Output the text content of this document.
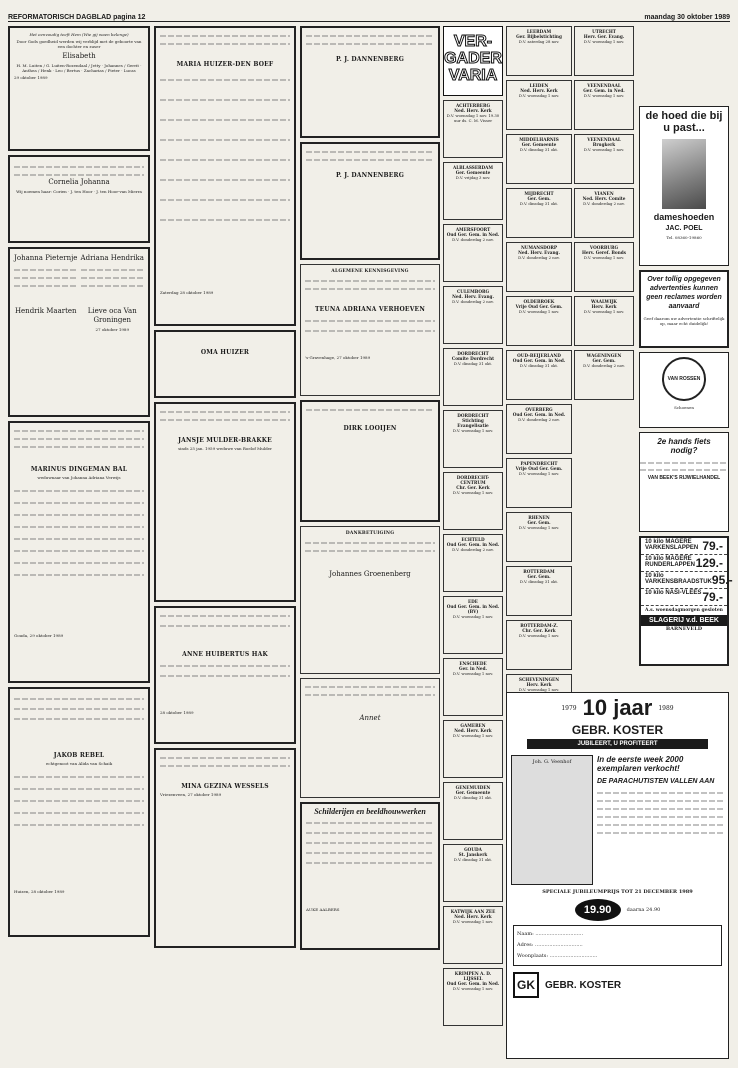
REFORMATORISCH DAGBLAD pagina 12	maandag 30 oktober 1989

Het eenvoudig teeft Hem (Wie gij waen belenge)

Door Gods goedheid werden wij verblijd met de geboorte van een dochter en zuser

Elisabeth

H. M. Luiten / G. Luiten-Rozendaal / Jetty · Johannes / Gerrit · Anthea / Henk · Leo / Bertus · Zacharias / Pieter · Lucas

29 oktober 1989

Cornelia Johanna

Wij noemen haar: Corien · J. ten Hoor · J. ten Hoor-van Mierra

Johanna Pieternje
Hendrik Maarten
Adriana Hendrika
Lieve oca Van Groningen

27 oktober 1989

MARINUS DINGEMAN BAL

weduwnaar van Johanna Adriana Verwijs

Gouda, 29 oktober 1989

JAKOB REBEL

echtgenoot van Alida van Schaik

Huizen, 28 oktober 1989

MARIA HUIZER-DEN BOEF

Zaterdag 28 oktober 1989

OMA HUIZER
JANSJE MULDER-BRAKKE

sinds 25 jan. 1959 weduwe van Roelof Mulder

ANNE HUIBERTUS HAK

28 oktober 1989

MINA GEZINA WESSELS

Vriezenveen, 27 oktober 1989

P. J. DANNENBERG
P. J. DANNENBERG
ALGEMENE KENNISGEVING
TEUNA ADRIANA VERHOEVEN

's-Gravenhage, 27 oktober 1989

DIRK LOOIJEN
DANKBETUIGING
Johannes Groenenberg
Annet
Schilderijen en beeldhouwwerken

AUKE AALBERS

VER- GADER VARIA
ACHTERBERG
Ned. Herv. Kerk
D.V. woensdag 1 nov. 19.30 uur ds. C. M. Visser
ALBLASSERDAM
Ger. Gemeente
D.V. vrijdag 3 nov.
AMERSFOORT
Oud Ger. Gem. in Ned.
D.V. donderdag 2 nov.
CULEMBORG
Ned. Herv. Evang.
D.V. donderdag 2 nov.
DORDRECHT
Comite Dordrecht
D.V. dinsdag 31 okt.
DORDRECHT
Stichting Evangelisatie
D.V. woensdag 1 nov.
DORDRECHT-CENTRUM
Chr. Ger. Kerk
D.V. woensdag 1 nov.
ECHTELD
Oud Ger. Gem. in Ned.
D.V. donderdag 2 nov.
EDE
Oud Ger. Gem. in Ned. (BV)
D.V. woensdag 1 nov.
ENSCHEDE
Ger. in Ned.
D.V. woensdag 1 nov.
GAMEREN
Ned. Herv. Kerk
D.V. woensdag 1 nov.
GENEMUIDEN
Ger. Gemeente
D.V. dinsdag 31 okt.
GOUDA
St. Janskerk
D.V. dinsdag 31 okt.
KATWIJK AAN ZEE
Ned. Herv. Kerk
D.V. woensdag 1 nov.
KRIMPEN A. D. LIJSSEL
Oud Ger. Gem. in Ned.
D.V. woensdag 1 nov.
LEERDAM
Ger. Bijbelstichting
D.V. zaterdag 28 nov.
LEIDEN
Ned. Herv. Kerk
D.V. woensdag 1 nov.
MIDDELHARNIS
Ger. Gemeente
D.V. dinsdag 31 okt.
MIJDRECHT
Ger. Gem.
D.V. dinsdag 31 okt.
NUMANSDORP
Ned. Herv. Evang.
D.V. donderdag 2 nov.
OLDEBROEK
Vrije Oud Ger. Gem.
D.V. woensdag 1 nov.
OUD-BEIJERLAND
Oud Ger. Gem. in Ned.
D.V. dinsdag 31 okt.
OVERBERG
Oud Ger. Gem. in Ned.
D.V. donderdag 2 nov.
PAPENDRECHT
Vrije Oud Ger. Gem.
D.V. woensdag 1 nov.
RHENEN
Ger. Gem.
D.V. woensdag 1 nov.
ROTTERDAM
Ger. Gem.
D.V. dinsdag 31 okt.
ROTTERDAM-Z.
Chr. Ger. Kerk
D.V. woensdag 1 nov.
SCHEVENINGEN
Herv. Kerk
D.V. woensdag 1 nov.
UTRECHT
Herv. Ger. Evang.
D.V. woensdag 1 nov.
VEENENDAAL
Ger. Gem. in Ned.
D.V. woensdag 1 nov.
VEENENDAAL
Brugkerk
D.V. woensdag 1 nov.
VIANEN
Ned. Herv. Comite
D.V. donderdag 2 nov.
VOORBURG
Herv. Geref. Bonds
D.V. woensdag 1 nov.
WAALWIJK
Herv. Kerk
D.V. woensdag 1 nov.
WAGENINGEN
Ger. Gem.
D.V. donderdag 2 nov.
de hoed die bij u past...
dameshoeden
JAC. POEL
Tel. 08360-19860
Over tollig opgegeven advertenties kunnen geen reclames worden aanvaard
Geef daarom uw advertentie schriftelijk op, maar echt duidelijk!
VAN ROSSEN
Schoenen
2e hands fiets nodig?
VAN BEEK'S RIJWIELHANDEL
10 kilo MAGERE VARKENSLAPPEN 79.-
10 kilo MAGERE RUNDERLAPPEN 129.-
10 kilo VARKENSBRAADSTUK 95.-
10 kilo NASI-VLEES 79.-
A.s. woensdagmorgen gesloten
SLAGERIJ v.d. BEEK
BARNEVELD
1979 10 jaar 1989
GEBR. KOSTER
JUBILEERT, U PROFITEERT
Joh. G. Veenhof	In de eerste week 2000 exemplaren verkocht!
DE PARACHUTISTEN VALLEN AAN
SPECIALE JUBILEUMPRIJS TOT 21 DECEMBER 1989
19.90	daarna 24.90
Naam: ..............................
Adres: ..............................
Woonplaats: ..............................
GK	GEBR. KOSTER
